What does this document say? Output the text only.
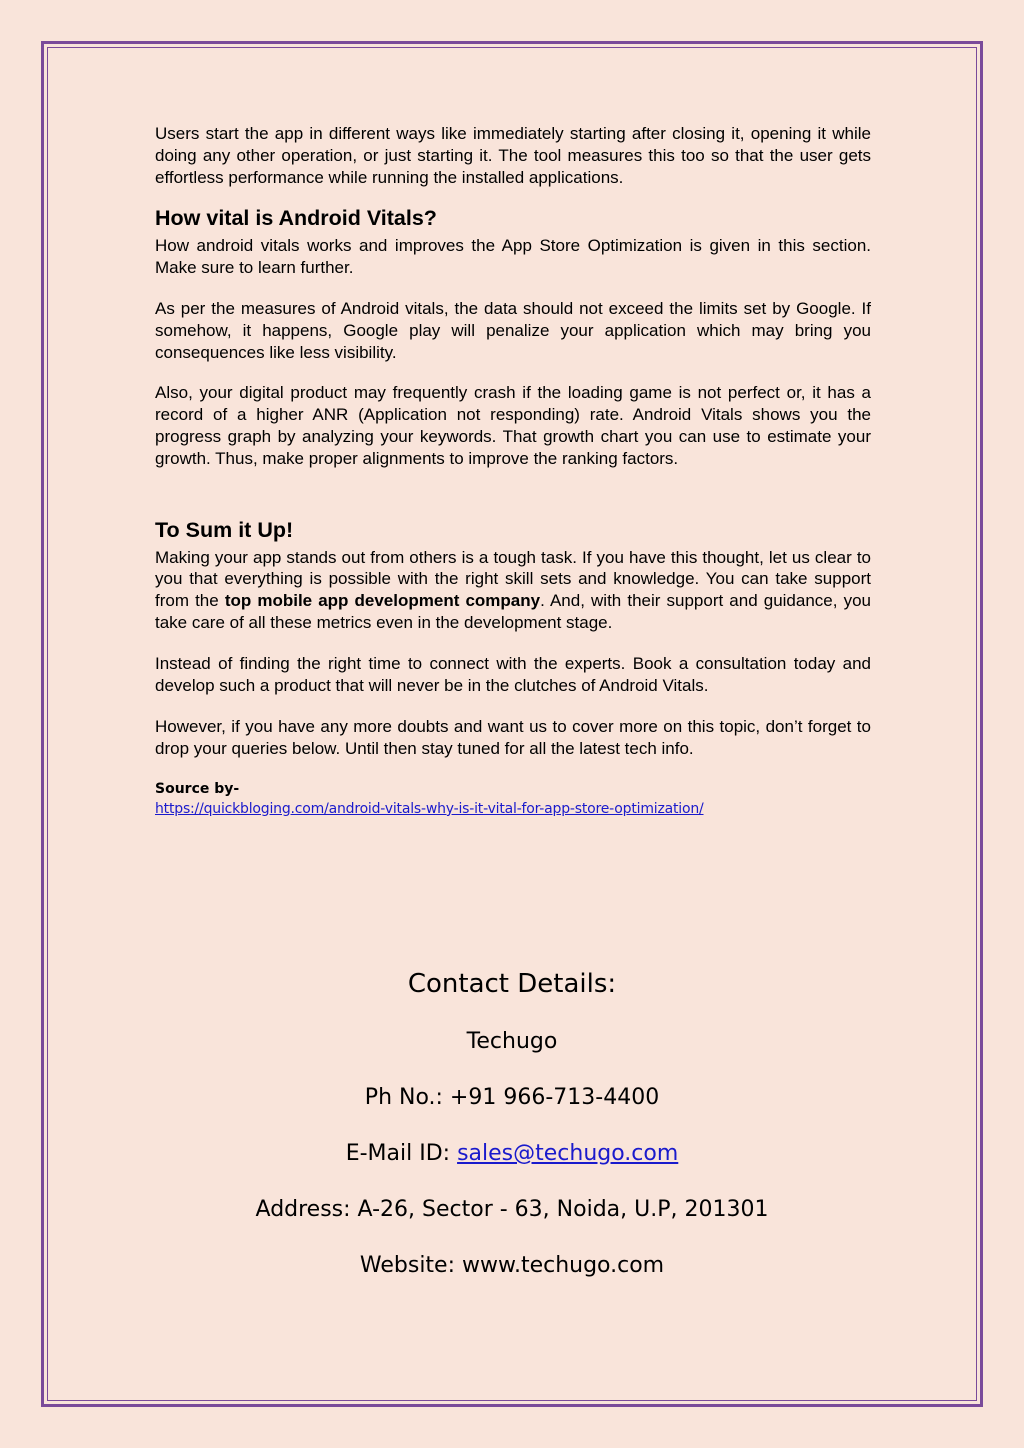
Users start the app in different ways like immediately starting after closing it, opening it while doing any other operation, or just starting it. The tool measures this too so that the user gets effortless performance while running the installed applications.

How vital is Android Vitals?

How android vitals works and improves the App Store Optimization is given in this section. Make sure to learn further.

As per the measures of Android vitals, the data should not exceed the limits set by Google. If somehow, it happens, Google play will penalize your application which may bring you consequences like less visibility.

Also, your digital product may frequently crash if the loading game is not perfect or, it has a record of a higher ANR (Application not responding) rate. Android Vitals shows you the progress graph by analyzing your keywords. That growth chart you can use to estimate your growth. Thus, make proper alignments to improve the ranking factors.

To Sum it Up!

Making your app stands out from others is a tough task. If you have this thought, let us clear to you that everything is possible with the right skill sets and knowledge. You can take support from the top mobile app development company. And, with their support and guidance, you take care of all these metrics even in the development stage.

Instead of finding the right time to connect with the experts. Book a consultation today and develop such a product that will never be in the clutches of Android Vitals.

However, if you have any more doubts and want us to cover more on this topic, don’t forget to drop your queries below. Until then stay tuned for all the latest tech info.

Source by-
https://quickbloging.com/android-vitals-why-is-it-vital-for-app-store-optimization/
Contact Details:
Techugo
Ph No.: +91 966-713-4400
E-Mail ID: sales@techugo.com
Address: A-26, Sector - 63, Noida, U.P, 201301
Website: www.techugo.com
